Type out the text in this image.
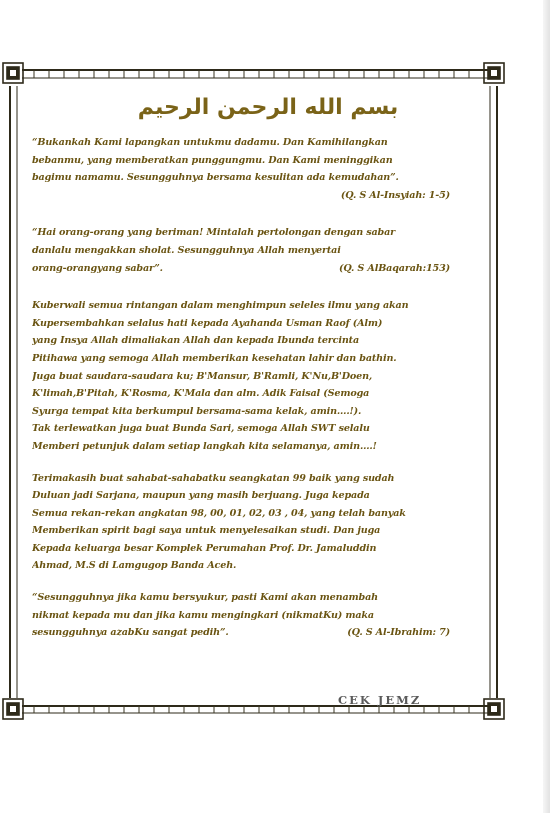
بسم الله الرحمن الرحيم
“Bukankah Kami lapangkan untukmu dadamu. Dan Kamihilangkan
bebanmu, yang memberatkan punggungmu. Dan Kami meninggikan
bagimu namamu. Sesungguhnya bersama kesulitan ada kemudahan”.
(Q. S Al-Insyiah: 1-5)
“Hai orang-orang yang beriman! Mintalah pertolongan dengan sabar
danlalu mengakkan sholat. Sesungguhnya Allah menyertai
orang-orangyang sabar”.	(Q. S AlBaqarah:153)
Kuberwali semua rintangan dalam menghimpun seleles ilmu yang akan
Kupersembahkan selalus hati kepada Ayahanda Usman Raof (Alm)
yang Insya Allah dimaliakan Allah dan kepada Ibunda tercinta
Pitihawa yang semoga Allah memberikan kesehatan lahir dan bathin.
Juga buat saudara-saudara ku; B'Mansur, B'Ramli, K'Nu,B'Doen,
K'limah,B'Pitah, K'Rosma, K'Mala dan alm. Adik Faisal (Semoga
Syurga tempat kita berkumpul bersama-sama kelak, amin….!).
Tak terlewatkan juga buat Bunda Sari, semoga Allah SWT selalu
Memberi petunjuk dalam setiap langkah kita selamanya, amin….!
Terimakasih buat sahabat-sahabatku seangkatan 99 baik yang sudah
Duluan jadi Sarjana, maupun yang masih berjuang. Juga kepada
Semua rekan-rekan angkatan 98, 00, 01, 02, 03 , 04, yang telah banyak
Memberikan spirit bagi saya untuk menyelesaikan studi. Dan juga
Kepada keluarga besar Komplek Perumahan Prof. Dr. Jamaluddin
Ahmad, M.S di Lamgugop Banda Aceh.
“Sesungguhnya jika kamu bersyukur, pasti Kami akan menambah
nikmat kepada mu dan jika kamu mengingkari (nikmatKu) maka
sesungguhnya azabKu sangat pedih”.	(Q. S Al-Ibrahim: 7)
CEK JEMZ
